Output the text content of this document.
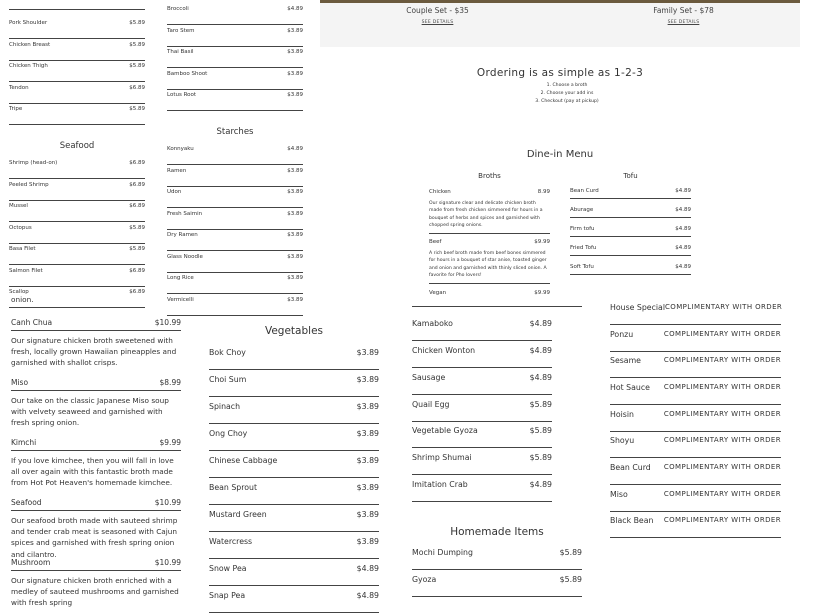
Pork Shoulder	$5.89
Chicken Breast	$5.89
Chicken Thigh	$5.89
Tendon	$6.89
Tripe	$5.89
Broccoli	$4.89
Taro Stem	$3.89
Thai Basil	$3.89
Bamboo Shoot	$3.89
Lotus Root	$3.89
Seafood
Shrimp (head-on)	$6.89
Peeled Shrimp	$6.89
Mussel	$6.89
Octopus	$5.89
Basa Filet	$5.89
Salmon Filet	$6.89
Scallop	$6.89
Starches
Konnyaku	$4.89
Ramen	$3.89
Udon	$3.89
Fresh Saimin	$3.89
Dry Ramen	$3.89
Glass Noodle	$3.89
Long Rice	$3.89
Vermicelli	$3.89
Couple Set - $35
SEE DETAILS
Family Set - $78
SEE DETAILS
Ordering is as simple as 1-2-3
1. Choose a broth
2. Choose your add ins
3. Checkout (pay at pickup)
Dine-in Menu
Broths	Tofu
Chicken	8.99
Our signature clear and delicate chicken broth made from fresh chicken simmered for hours in a bouquet of herbs and spices and garnished with chopped spring onions.
Beef	$9.99
A rich beef broth made from beef bones simmered for hours in a bouquet of star anise, toasted ginger and onion and garnished with thinly sliced onion. A favorite for Pho lovers!
Vegan	$9.99
Bean Curd	$4.89
Aburage	$4.89
Firm tofu	$4.89
Fried Tofu	$4.89
Soft Tofu	$4.89
onion.
Canh Chua	$10.99
Our signature chicken broth sweetened with fresh, locally grown Hawaiian pineapples and garnished with shallot crisps.
Miso	$8.99
Our take on the classic Japanese Miso soup with velvety seaweed and garnished with fresh spring onion.
Kimchi	$9.99
If you love kimchee, then you will fall in love all over again with this fantastic broth made from Hot Pot Heaven's homemade kimchee.
Seafood	$10.99
Our seafood broth made with sauteed shrimp and tender crab meat is seasoned with Cajun spices and garnished with fresh spring onion and cilantro.
Mushroom	$10.99
Our signature chicken broth enriched with a medley of sauteed mushrooms and garnished with fresh spring
Vegetables
Bok Choy	$3.89
Choi Sum	$3.89
Spinach	$3.89
Ong Choy	$3.89
Chinese Cabbage	$3.89
Bean Sprout	$3.89
Mustard Green	$3.89
Watercress	$3.89
Snow Pea	$4.89
Snap Pea	$4.89
Kamaboko	$4.89
Chicken Wonton	$4.89
Sausage	$4.89
Quail Egg	$5.89
Vegetable Gyoza	$5.89
Shrimp Shumai	$5.89
Imitation Crab	$4.89
Homemade Items
Mochi Dumping	$5.89
Gyoza	$5.89
House Special COMPLIMENTARY WITH ORDER
Ponzu	COMPLIMENTARY WITH ORDER
Sesame	COMPLIMENTARY WITH ORDER
Hot Sauce COMPLIMENTARY WITH ORDER
Hoisin	COMPLIMENTARY WITH ORDER
Shoyu	COMPLIMENTARY WITH ORDER
Bean Curd COMPLIMENTARY WITH ORDER
Miso	COMPLIMENTARY WITH ORDER
Black Bean COMPLIMENTARY WITH ORDER
